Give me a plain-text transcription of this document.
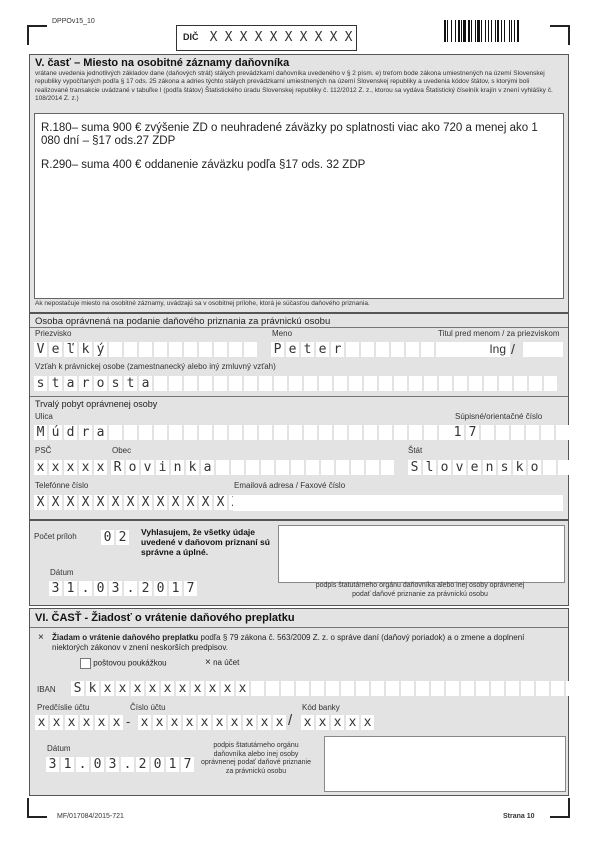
DPPOv15_10
DIČ X X X X X X X X X X
V. časť – Miesto na osobitné záznamy daňovníka
vrátane uvedenia jednotlivých základov dane (daňových strát) stálych prevádzkarní daňovníka uvedeného v § 2 písm. e) treťom bode zákona umiestnených na území Slovenskej republiky vypočítaných podľa § 17 ods. 25 zákona a adries týchto stálych prevádzkarní umiestnených na území Slovenskej republiky a uvedenia kódov štátov, s ktorými boli realizované transakcie uvádzané v tabuľke I (podľa štátov) Štatistického úradu Slovenskej republiky č. 112/2012 Z. z., ktorou sa vydáva Štatistický číselník krajín v znení vyhlášky č. 108/2014 Z. z.)
R.180– suma 900 € zvýšenie ZD o neuhradené záväzky po splatnosti viac ako 720 a menej ako 1 080 dní – §17 ods.27 ZDP
R.290– suma 400 € oddanenie záväzku podľa §17 ods. 32 ZDP
Ak nepostačuje miesto na osobitné záznamy, uvádzajú sa v osobitnej prílohe, ktorá je súčasťou daňového priznania.
Osoba oprávnená na podanie daňového priznania za právnickú osobu
Priezvisko	Meno	Titul pred menom / za priezviskom
V e ľ k ý	P e t e r	Ing /
Vzťah k právnickej osobe (zamestnanecký alebo iný zmluvný vzťah)
s t a r o s t a
Trvalý pobyt oprávnenej osoby
Ulica	Súpisné/orientačné číslo
M ú d r a	1 7
PSČ	Obec	Štát
x x x x x R o v i n k a	S l o v e n s k o
Telefónne číslo	Emailová adresa / Faxové číslo
X X X X X X X X X X X X X
Počet príloh 0 2	Vyhlasujem, že všetky údaje uvedené v daňovom priznaní sú správne a úplné.
Dátum
3 1 . 0 3 . 2 0 1 7	podpis štatutárneho orgánu daňovníka alebo inej osoby oprávnenej podať daňové priznanie za právnickú osobu
VI. ČASŤ - Žiadosť o vrátenie daňového preplatku
× Žiadam o vrátenie daňového preplatku podľa § 79 zákona č. 563/2009 Z. z. o správe daní (daňový poriadok) a o zmene a doplnení niektorých zákonov v znení neskorších predpisov.
poštovou poukážkou	× na účet
IBAN S k x x x x x x x x x x
Predčíslie účtu	Číslo účtu	Kód banky
x x x x x x - x x x x x x x x x x / x x x x x
Dátum
3 1 . 0 3 . 2 0 1 7
podpis štatutárneho orgánu daňovníka alebo inej osoby oprávnenej podať daňové priznanie za právnickú osobu
MF/017084/2015-721	Strana 10
